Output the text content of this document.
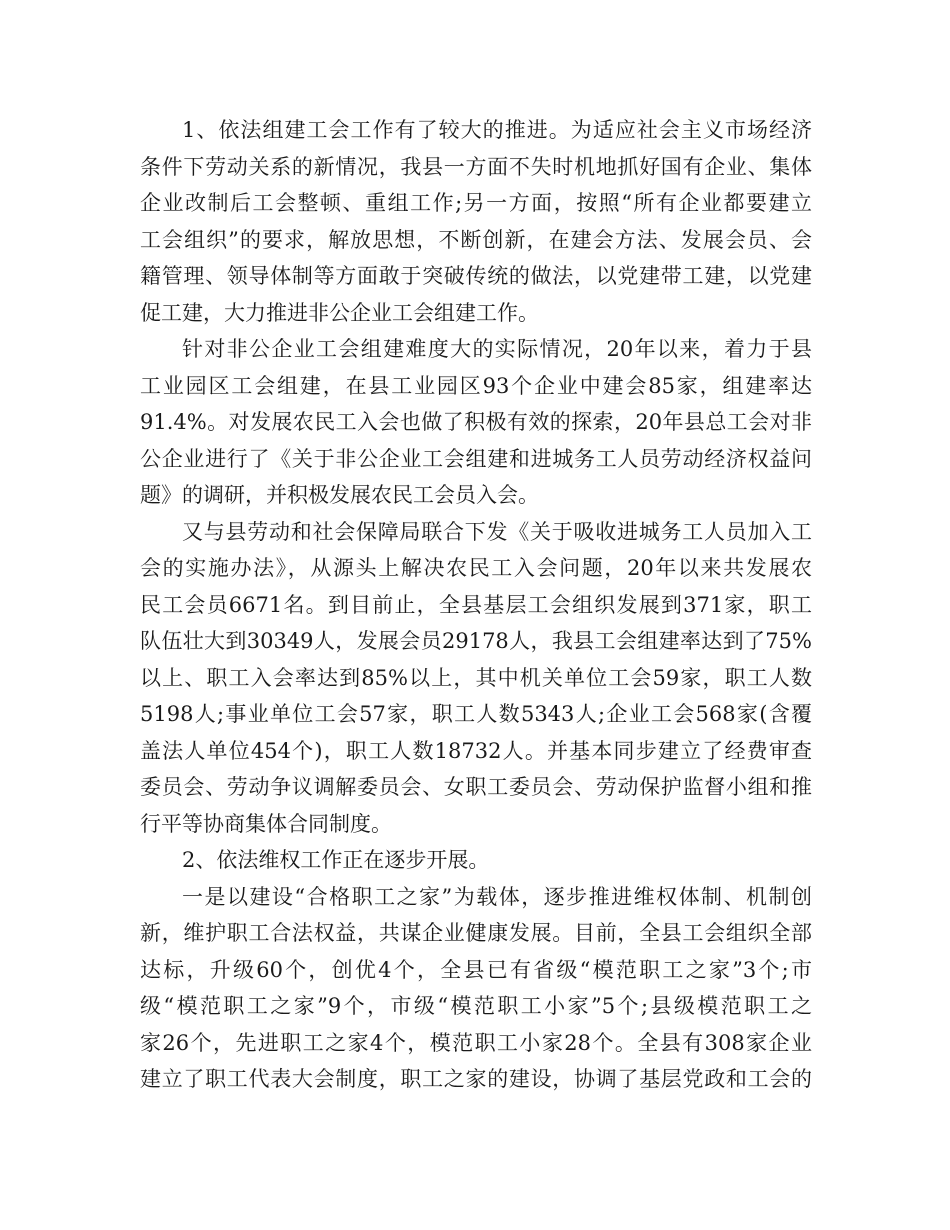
1、依法组建工会工作有了较大的推进。为适应社会主义市场经济
条件下劳动关系的新情况，我县一方面不失时机地抓好国有企业、集体
企业改制后工会整顿、重组工作;另一方面，按照“所有企业都要建立
工会组织”的要求，解放思想，不断创新，在建会方法、发展会员、会
籍管理、领导体制等方面敢于突破传统的做法，以党建带工建，以党建
促工建，大力推进非公企业工会组建工作。
针对非公企业工会组建难度大的实际情况，20年以来，着力于县
工业园区工会组建，在县工业园区93个企业中建会85家，组建率达
91.4%。对发展农民工入会也做了积极有效的探索，20年县总工会对非
公企业进行了《关于非公企业工会组建和进城务工人员劳动经济权益问
题》的调研，并积极发展农民工会员入会。
又与县劳动和社会保障局联合下发《关于吸收进城务工人员加入工
会的实施办法》，从源头上解决农民工入会问题，20年以来共发展农
民工会员6671名。到目前止，全县基层工会组织发展到371家，职工
队伍壮大到30349人，发展会员29178人，我县工会组建率达到了75%
以上、职工入会率达到85%以上，其中机关单位工会59家，职工人数
5198人;事业单位工会57家，职工人数5343人;企业工会568家(含覆
盖法人单位454个)，职工人数18732人。并基本同步建立了经费审查
委员会、劳动争议调解委员会、女职工委员会、劳动保护监督小组和推
行平等协商集体合同制度。
2、依法维权工作正在逐步开展。
一是以建设“合格职工之家”为载体，逐步推进维权体制、机制创
新，维护职工合法权益，共谋企业健康发展。目前，全县工会组织全部
达标，升级60个，创优4个，全县已有省级“模范职工之家”3个;市
级“模范职工之家”9个，市级“模范职工小家”5个;县级模范职工之
家26个，先进职工之家4个，模范职工小家28个。全县有308家企业
建立了职工代表大会制度，职工之家的建设，协调了基层党政和工会的
